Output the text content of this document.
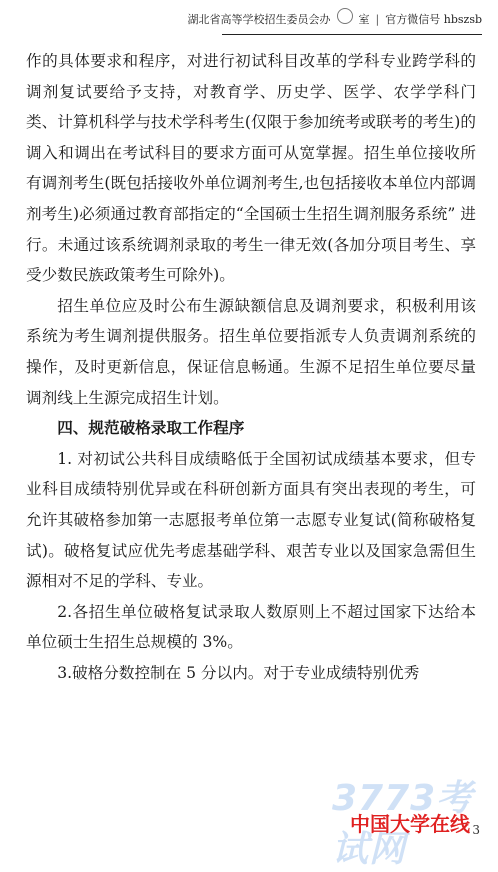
湖北省高等学校招生委员会办	室 | 官方微信号 hbszsb

作的具体要求和程序，对进行初试科目改革的学科专业跨学科的调剂复试要给予支持，对教育学、历史学、医学、农学学科门类、计算机科学与技术学科考生(仅限于参加统考或联考的考生)的调入和调出在考试科目的要求方面可从宽掌握。招生单位接收所有调剂考生(既包括接收外单位调剂考生,也包括接收本单位内部调剂考生)必须通过教育部指定的“全国硕士生招生调剂服务系统” 进行。未通过该系统调剂录取的考生一律无效(各加分项目考生、享受少数民族政策考生可除外)。

招生单位应及时公布生源缺额信息及调剂要求，积极利用该系统为考生调剂提供服务。招生单位要指派专人负责调剂系统的操作，及时更新信息，保证信息畅通。生源不足招生单位要尽量调剂线上生源完成招生计划。

四、规范破格录取工作程序

1. 对初试公共科目成绩略低于全国初试成绩基本要求，但专业科目成绩特别优异或在科研创新方面具有突出表现的考生，可允许其破格参加第一志愿报考单位第一志愿专业复试(简称破格复试)。破格复试应优先考虑基础学科、艰苦专业以及国家急需但生源相对不足的学科、专业。

2.各招生单位破格复试录取人数原则上不超过国家下达给本单位硕士生招生总规模的 3%。

3.破格分数控制在 5 分以内。对于专业成绩特别优秀

3773考试网
中国大学在线 3
